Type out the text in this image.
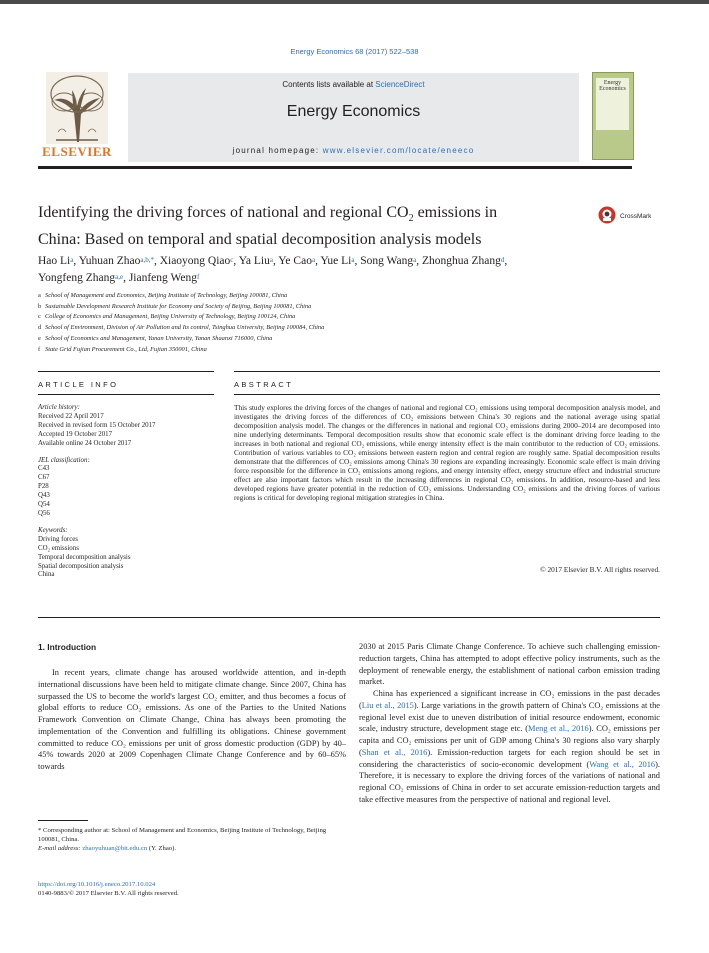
Energy Economics 68 (2017) 522–538
ELSEVIER
Contents lists available at ScienceDirect
Energy Economics
journal homepage: www.elsevier.com/locate/eneeco
Energy Economics
Identifying the driving forces of national and regional $CO_2$ emissions in
China: Based on temporal and spatial decomposition analysis models
CrossMark
Hao Li$^a$, Yuhuan Zhao$^{a,b,*}$, Xiaoyong Qiao$^c$, Ya Liu$^a$, Ye Cao$^a$, Yue Li$^a$, Song Wang$^a$, Zhonghua Zhang$^d$,
Yongfeng Zhang$^{a,e}$, Jianfeng Weng$^f$
a School of Management and Economics, Beijing Institute of Technology, Beijing 100081, China
b Sustainable Development Research Institute for Economy and Society of Beijing, Beijing 100081, China
c College of Economics and Management, Beijing University of Technology, Beijing 100124, China
d School of Environment, Division of Air Pollution and Its control, Tsinghua University, Beijing 100084, China
e School of Economics and Management, Yanan University, Yanan Shaanxi 716000, China
f State Grid Fujian Procurement Co., Ltd, Fujian 350001, China
ARTICLE INFO	ABSTRACT
Article history:
Received 22 April 2017
Received in revised form 15 October 2017
Accepted 19 October 2017
Available online 24 October 2017
JEL classification:
C43
C67
P28
Q43
Q54
Q56
Keywords:
Driving forces
CO₂ emissions
Temporal decomposition analysis
Spatial decomposition analysis
China
This study explores the driving forces of the changes of national and regional CO₂ emissions using temporal decomposition analysis model, and investigates the driving forces of the differences of CO₂ emissions between China's 30 regions and the national average using spatial decomposition analysis model. The changes or the differences in national and regional CO₂ emissions during 2000–2014 are decomposed into nine underlying determinants. Temporal decomposition results show that economic scale effect is the dominant driving force leading to the increases in both national and regional CO₂ emissions, while energy intensity effect is the main contributor to the reduction of CO₂ emissions. Contribution of various variables to CO₂ emissions between eastern region and central region are roughly same. Spatial decomposition results demonstrate that the differences of CO₂ emissions among China's 30 regions are expanding increasingly. Economic scale effect is main driving force responsible for the difference in CO₂ emissions among regions, and energy intensity effect, energy structure effect and industrial structure effect are also important factors which result in the increasing differences in regional CO₂ emissions. In addition, resource-based and less developed regions have greater potential in the reduction of CO₂ emissions. Understanding CO₂ emissions and the driving forces of various regions is critical for developing regional mitigation strategies in China.
© 2017 Elsevier B.V. All rights reserved.
1. Introduction
In recent years, climate change has aroused worldwide attention, and in-depth international discussions have been held to mitigate climate change. Since 2007, China has surpassed the US to become the world's largest CO₂ emitter, and thus becomes a focus of global efforts to reduce CO₂ emissions. As one of the Parties to the United Nations Framework Convention on Climate Change, China has always been promoting the implementation of the Convention and fulfilling its obligations. Chinese government committed to reduce CO₂ emissions per unit of gross domestic production (GDP) by 40–45% towards 2020 at 2009 Copenhagen Climate Change Conference and by 60–65% towards
2030 at 2015 Paris Climate Change Conference. To achieve such challenging emission-reduction targets, China has attempted to adopt effective policy instruments, such as the deployment of renewable energy, the establishment of national carbon emission trading market.
China has experienced a significant increase in CO₂ emissions in the past decades (Liu et al., 2015). Large variations in the growth pattern of China's CO₂ emissions at the regional level exist due to uneven distribution of initial resource endowment, economic scale, industry structure, development stage etc. (Meng et al., 2016). CO₂ emissions per capita and CO₂ emissions per unit of GDP among China's 30 regions also vary sharply (Shan et al., 2016). Emission-reduction targets for each region should be set in considering the characteristics of socio-economic development (Wang et al., 2016). Therefore, it is necessary to explore the driving forces of the variations of national and regional CO₂ emissions of China in order to set accurate emission-reduction targets and take effective measures from the perspective of national and regional level.
* Corresponding author at: School of Management and Economics, Beijing Institute of Technology, Beijing 100081, China.
E-mail address: zhaoyuhuan@bit.edu.cn (Y. Zhao).
https://doi.org/10.1016/j.eneco.2017.10.024
0140-9883/© 2017 Elsevier B.V. All rights reserved.
